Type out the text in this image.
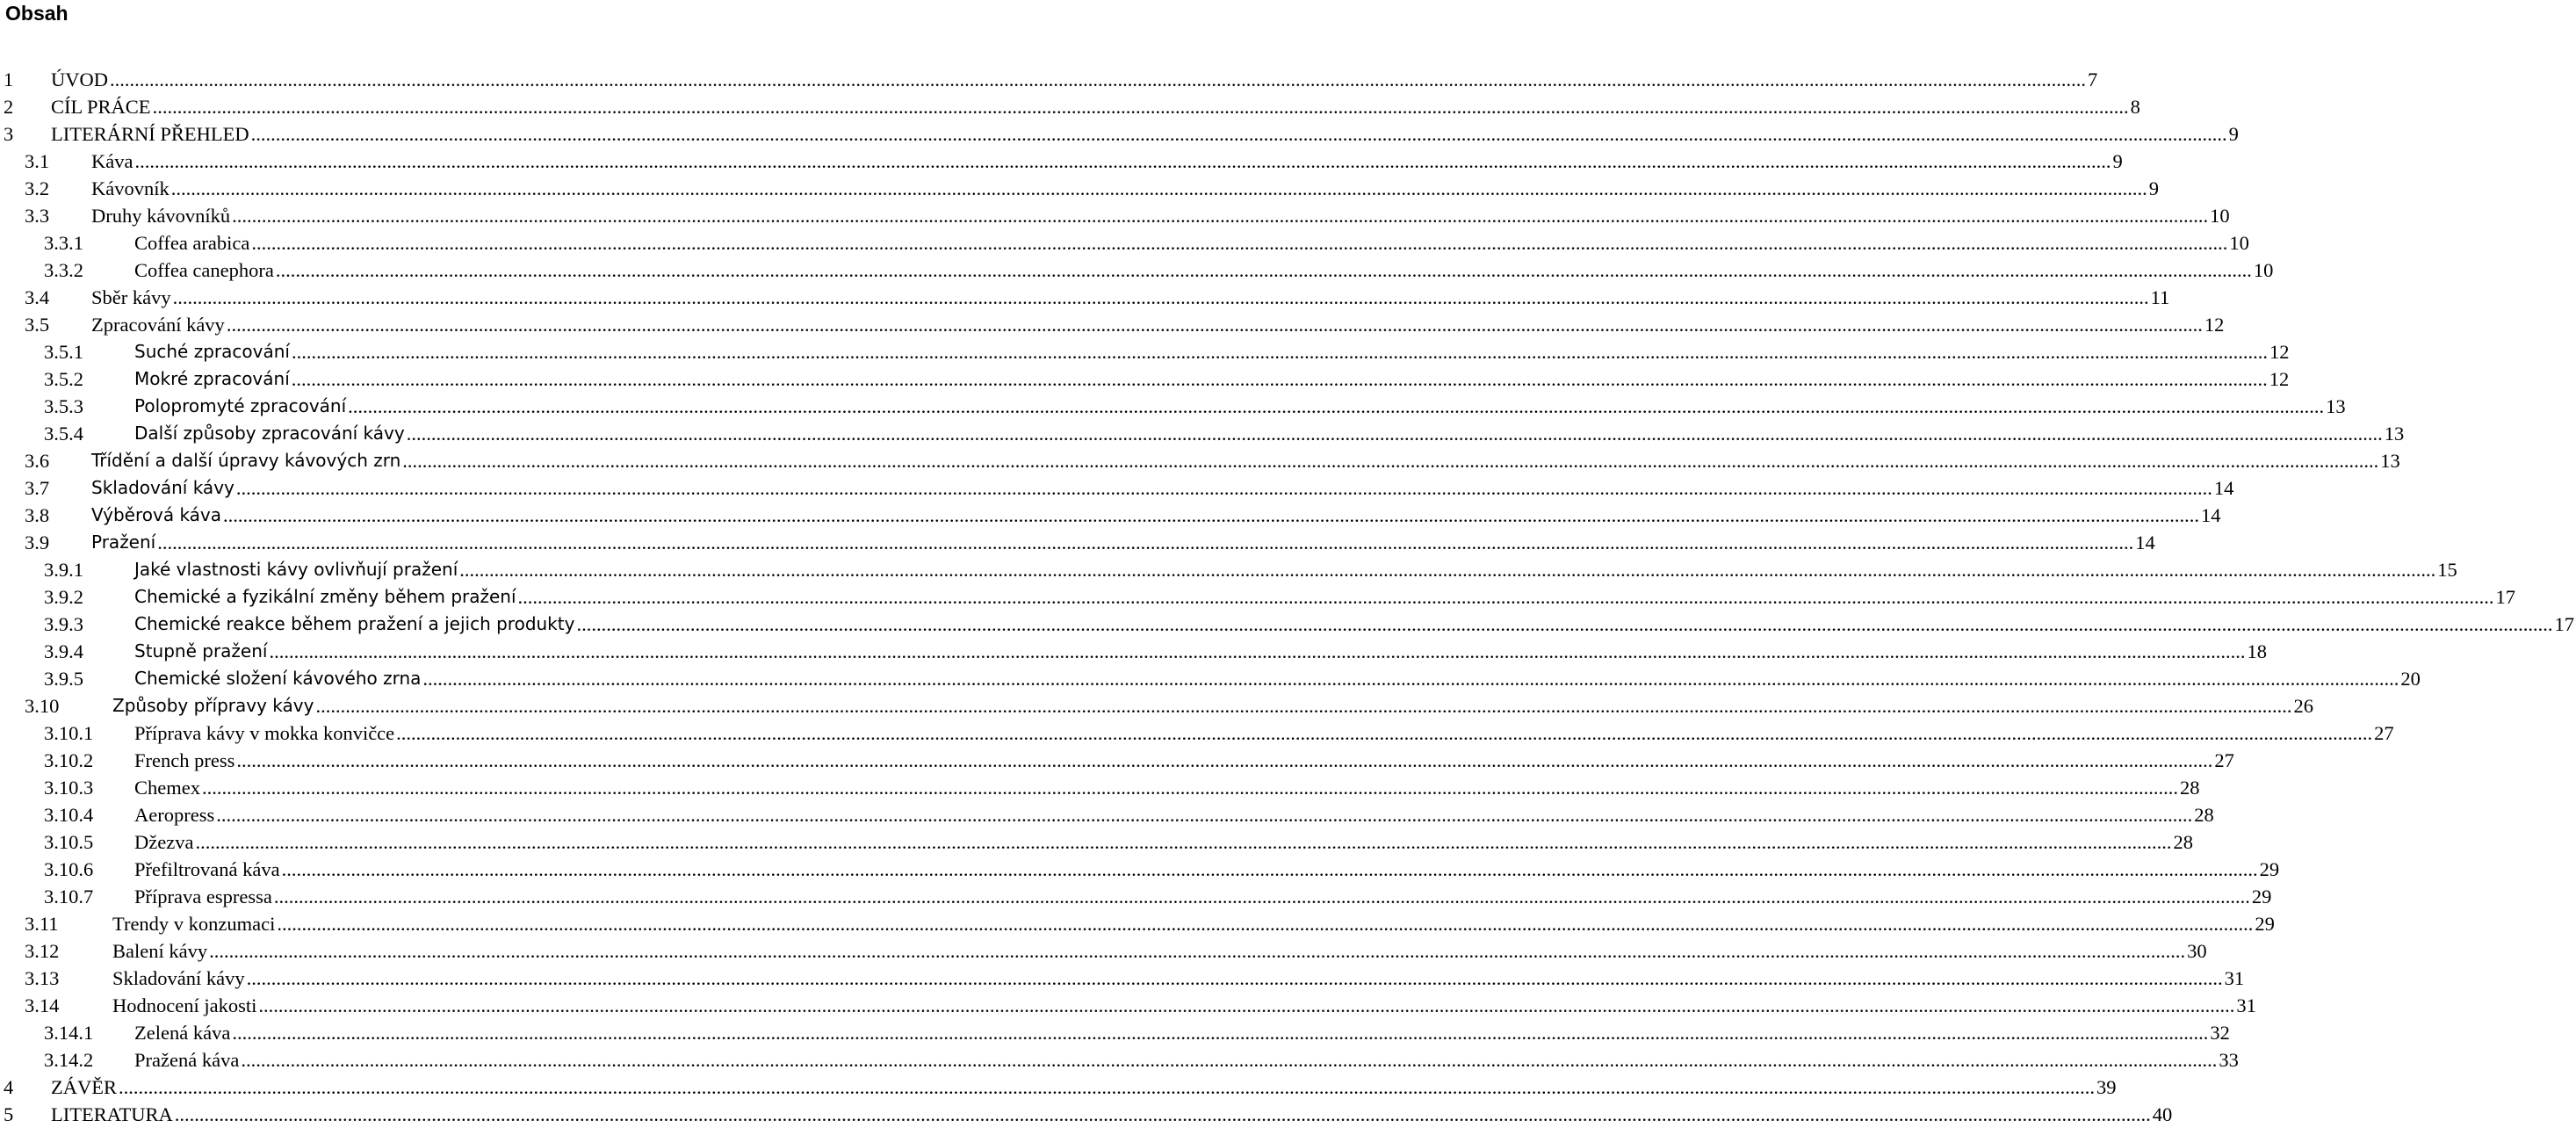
Obsah
1 ÚVOD ................................................................................................................................................................................................................................................................................................................................................................................................................ 7
2 CÍL PRÁCE ................................................................................................................................................................................................................................................................................................................................................................................................................ 8
3 LITERÁRNÍ PŘEHLED ................................................................................................................................................................................................................................................................................................................................................................................................................ 9
3.1 Káva ................................................................................................................................................................................................................................................................................................................................................................................................................ 9
3.2 Kávovník ................................................................................................................................................................................................................................................................................................................................................................................................................ 9
3.3 Druhy kávovníků ................................................................................................................................................................................................................................................................................................................................................................................................................ 10
3.3.1	Coffea arabica ................................................................................................................................................................................................................................................................................................................................................................................................................ 10
3.3.2	Coffea canephora ................................................................................................................................................................................................................................................................................................................................................................................................................ 10
3.4 Sběr kávy ................................................................................................................................................................................................................................................................................................................................................................................................................ 11
3.5 Zpracování kávy ................................................................................................................................................................................................................................................................................................................................................................................................................ 12
3.5.1	Suché zpracování ................................................................................................................................................................................................................................................................................................................................................................................................................ 12
3.5.2	Mokré zpracování ................................................................................................................................................................................................................................................................................................................................................................................................................ 12
3.5.3	Polopromyté zpracování ................................................................................................................................................................................................................................................................................................................................................................................................................ 13
3.5.4	Další způsoby zpracování kávy ................................................................................................................................................................................................................................................................................................................................................................................................................ 13
3.6 Třídění a další úpravy kávových zrn ................................................................................................................................................................................................................................................................................................................................................................................................................ 13
3.7 Skladování kávy ................................................................................................................................................................................................................................................................................................................................................................................................................ 14
3.8 Výběrová káva ................................................................................................................................................................................................................................................................................................................................................................................................................ 14
3.9 Pražení ................................................................................................................................................................................................................................................................................................................................................................................................................ 14
3.9.1	Jaké vlastnosti kávy ovlivňují pražení ................................................................................................................................................................................................................................................................................................................................................................................................................ 15
3.9.2	Chemické a fyzikální změny během pražení ................................................................................................................................................................................................................................................................................................................................................................................................................ 17
3.9.3	Chemické reakce během pražení a jejich produkty ................................................................................................................................................................................................................................................................................................................................................................................................................ 17
3.9.4	Stupně pražení ................................................................................................................................................................................................................................................................................................................................................................................................................ 18
3.9.5	Chemické složení kávového zrna ................................................................................................................................................................................................................................................................................................................................................................................................................ 20
3.10	Způsoby přípravy kávy ................................................................................................................................................................................................................................................................................................................................................................................................................ 26
3.10.1 Příprava kávy v mokka konvičce ................................................................................................................................................................................................................................................................................................................................................................................................................ 27
3.10.2 French press ................................................................................................................................................................................................................................................................................................................................................................................................................ 27
3.10.3 Chemex ................................................................................................................................................................................................................................................................................................................................................................................................................ 28
3.10.4 Aeropress ................................................................................................................................................................................................................................................................................................................................................................................................................ 28
3.10.5 Džezva ................................................................................................................................................................................................................................................................................................................................................................................................................ 28
3.10.6 Přefiltrovaná káva ................................................................................................................................................................................................................................................................................................................................................................................................................ 29
3.10.7 Příprava espressa ................................................................................................................................................................................................................................................................................................................................................................................................................ 29
3.11	Trendy v konzumaci ................................................................................................................................................................................................................................................................................................................................................................................................................ 29
3.12	Balení kávy ................................................................................................................................................................................................................................................................................................................................................................................................................ 30
3.13	Skladování kávy ................................................................................................................................................................................................................................................................................................................................................................................................................ 31
3.14	Hodnocení jakosti ................................................................................................................................................................................................................................................................................................................................................................................................................ 31
3.14.1 Zelená káva ................................................................................................................................................................................................................................................................................................................................................................................................................ 32
3.14.2 Pražená káva ................................................................................................................................................................................................................................................................................................................................................................................................................ 33
4 ZÁVĚR ................................................................................................................................................................................................................................................................................................................................................................................................................ 39
5 LITERATURA ................................................................................................................................................................................................................................................................................................................................................................................................................ 40
